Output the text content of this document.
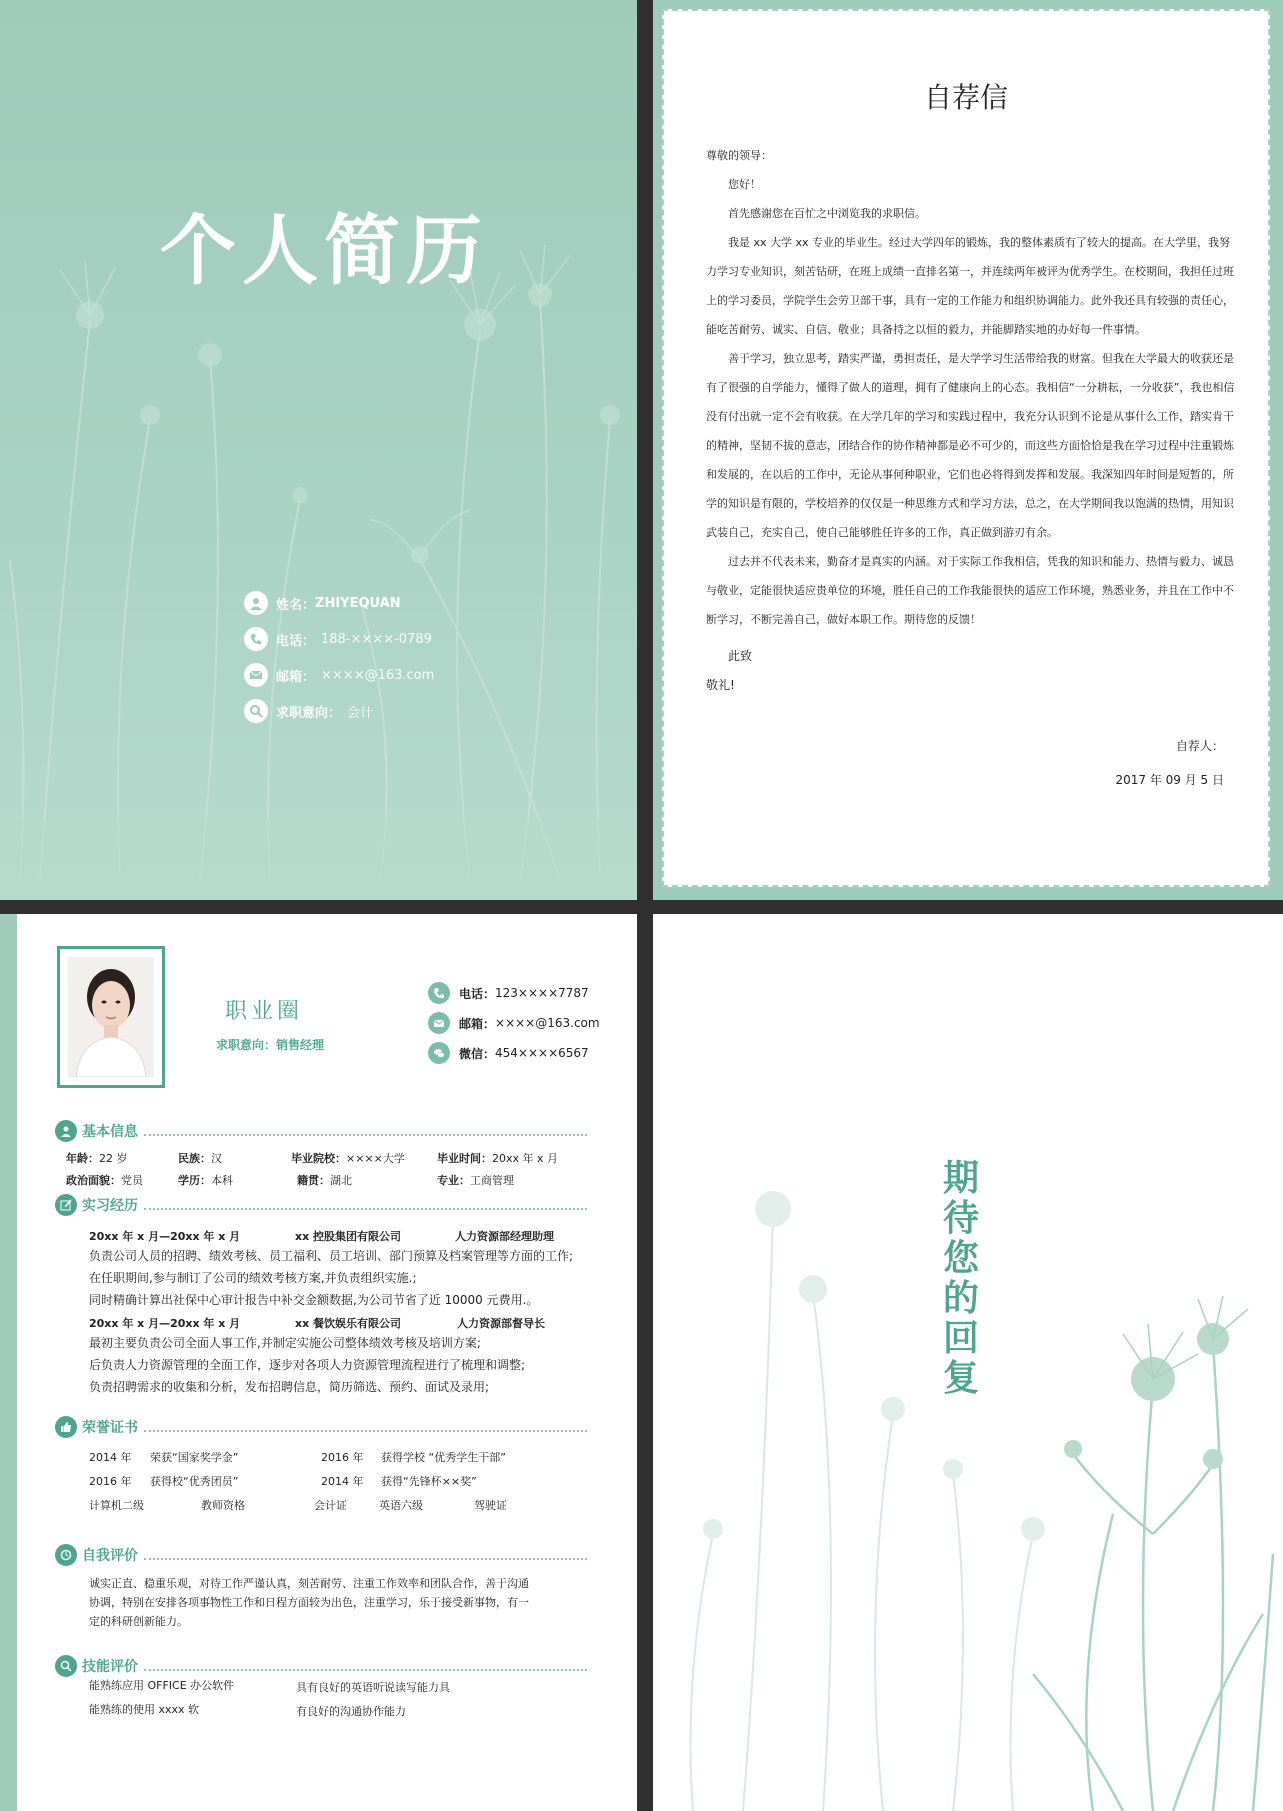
个人简历
姓名： ZHIYEQUAN
电话： 188-××××-0789
邮箱： ××××@163.com
求职意向： 会计
自荐信

尊敬的领导：

您好！

首先感谢您在百忙之中浏览我的求职信。

我是 xx 大学 xx 专业的毕业生。经过大学四年的锻炼，我的整体素质有了较大的提高。在大学里，我努力学习专业知识，刻苦钻研，在班上成绩一直排名第一，并连续两年被评为优秀学生。在校期间，我担任过班上的学习委员，学院学生会劳卫部干事，具有一定的工作能力和组织协调能力。此外我还具有较强的责任心，能吃苦耐劳、诚实、自信、敬业；具备持之以恒的毅力，并能脚踏实地的办好每一件事情。

善于学习，独立思考，踏实严谨，勇担责任，是大学学习生活带给我的财富。但我在大学最大的收获还是有了很强的自学能力，懂得了做人的道理，拥有了健康向上的心态。我相信“一分耕耘，一分收获”，我也相信没有付出就一定不会有收获。在大学几年的学习和实践过程中，我充分认识到不论是从事什么工作，踏实肯干的精神，坚韧不拔的意志，团结合作的协作精神都是必不可少的，而这些方面恰恰是我在学习过程中注重锻炼和发展的，在以后的工作中，无论从事何种职业，它们也必将得到发挥和发展。我深知四年时间是短暂的，所学的知识是有限的，学校培养的仅仅是一种思维方式和学习方法，总之，在大学期间我以饱满的热情，用知识武装自己，充实自己，使自己能够胜任许多的工作，真正做到游刃有余。

过去并不代表未来，勤奋才是真实的内涵。对于实际工作我相信，凭我的知识和能力、热情与毅力、诚恳与敬业，定能很快适应贵单位的环境，胜任自己的工作我能很快的适应工作环境，熟悉业务，并且在工作中不断学习，不断完善自己，做好本职工作。期待您的反馈！

此致

敬礼!

自荐人：
2017 年 09 月 5 日
职业圈
求职意向：销售经理
电话： 123××××7787
邮箱： ××××@163.com
微信： 454××××6567
基本信息
年龄：22 岁	民族：汉	毕业院校：××××大学	毕业时间：20xx 年 x 月
政治面貌：党员	学历：本科	籍贯：湖北	专业：工商管理
实习经历
20xx 年 x 月—20xx 年 x 月	xx 控股集团有限公司	人力资源部经理助理
负责公司人员的招聘、绩效考核、员工福利、员工培训、部门预算及档案管理等方面的工作;
在任职期间,参与制订了公司的绩效考核方案,并负责组织实施.;
同时精确计算出社保中心审计报告中补交金额数据,为公司节省了近 10000 元费用.。
20xx 年 x 月—20xx 年 x 月	xx 餐饮娱乐有限公司	人力资源部督导长
最初主要负责公司全面人事工作,并制定实施公司整体绩效考核及培训方案;
后负责人力资源管理的全面工作，逐步对各项人力资源管理流程进行了梳理和调整;
负责招聘需求的收集和分析，发布招聘信息，简历筛选、预约、面试及录用;
荣誉证书
2014 年 荣获“国家奖学金”	2016 年 获得学校 “优秀学生干部”
2016 年 获得校“优秀团员”	2014 年 获得“先锋杯××奖”
计算机二级	教师资格	会计证	英语六级	驾驶证
自我评价
诚实正直、稳重乐观，对待工作严谨认真，刻苦耐劳、注重工作效率和团队合作，善于沟通
协调，特别在安排各项事物性工作和日程方面较为出色，注重学习，乐于接受新事物，有一
定的科研创新能力。
技能评价
能熟练应用 OFFICE 办公软件	具有良好的英语听说读写能力具
能熟练的使用 xxxx 软	有良好的沟通协作能力
期待您的回复
